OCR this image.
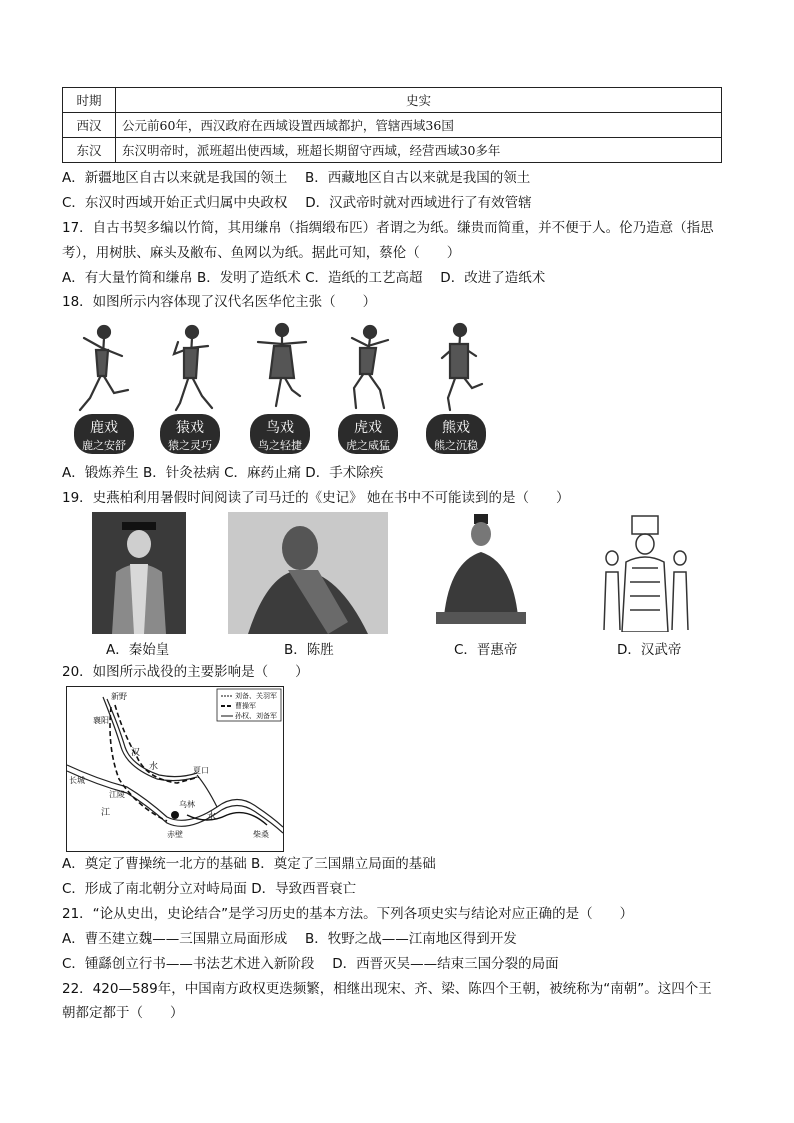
时期	史实
西汉	公元前60年，西汉政府在西域设置西域都护，管辖西域36国
东汉	东汉明帝时，派班超出使西域，班超长期留守西域，经营西域30多年
A．新疆地区自古以来就是我国的领土　 B．西藏地区自古以来就是我国的领土
C．东汉时西域开始正式归属中央政权　 D．汉武帝时就对西域进行了有效管辖
17．自古书契多编以竹简，其用缣帛（指绸缎布匹）者谓之为纸。缣贵而简重，并不便于人。伦乃造意（指思
考），用树肤、麻头及敝布、鱼网以为纸。据此可知，蔡伦（　　）
A．有大量竹简和缣帛 B．发明了造纸术 C．造纸的工艺高超　 D．改进了造纸术
18．如图所示内容体现了汉代名医华佗主张（　　）
鹿戏
鹿之安舒
猿戏
猿之灵巧
鸟戏
鸟之轻捷
虎戏
虎之威猛
熊戏
熊之沉稳
A．锻炼养生 B．针灸祛病 C．麻药止痛 D．手术除疾
19．史燕柏利用暑假时间阅读了司马迁的《史记》 她在书中不可能读到的是（　　）
A．秦始皇	B．陈胜	C．晋惠帝	D．汉武帝
20．如图所示战役的主要影响是（　　）
刘备、关羽军
曹操军
孙权、刘备军
新野
襄阳
汉
水	夏口
长城
江陵
乌林
江
赤壁	柴桑
水
A．奠定了曹操统一北方的基础 B．奠定了三国鼎立局面的基础
C．形成了南北朝分立对峙局面 D．导致西晋衰亡
21．“论从史出，史论结合”是学习历史的基本方法。下列各项史实与结论对应正确的是（　　）
A．曹丕建立魏——三国鼎立局面形成　 B．牧野之战——江南地区得到开发
C．锺繇创立行书——书法艺术进入新阶段　 D．西晋灭吴——结束三国分裂的局面
22．420—589年，中国南方政权更迭频繁，相继出现宋、齐、梁、陈四个王朝，被统称为“南朝”。这四个王
朝都定都于（　　）
